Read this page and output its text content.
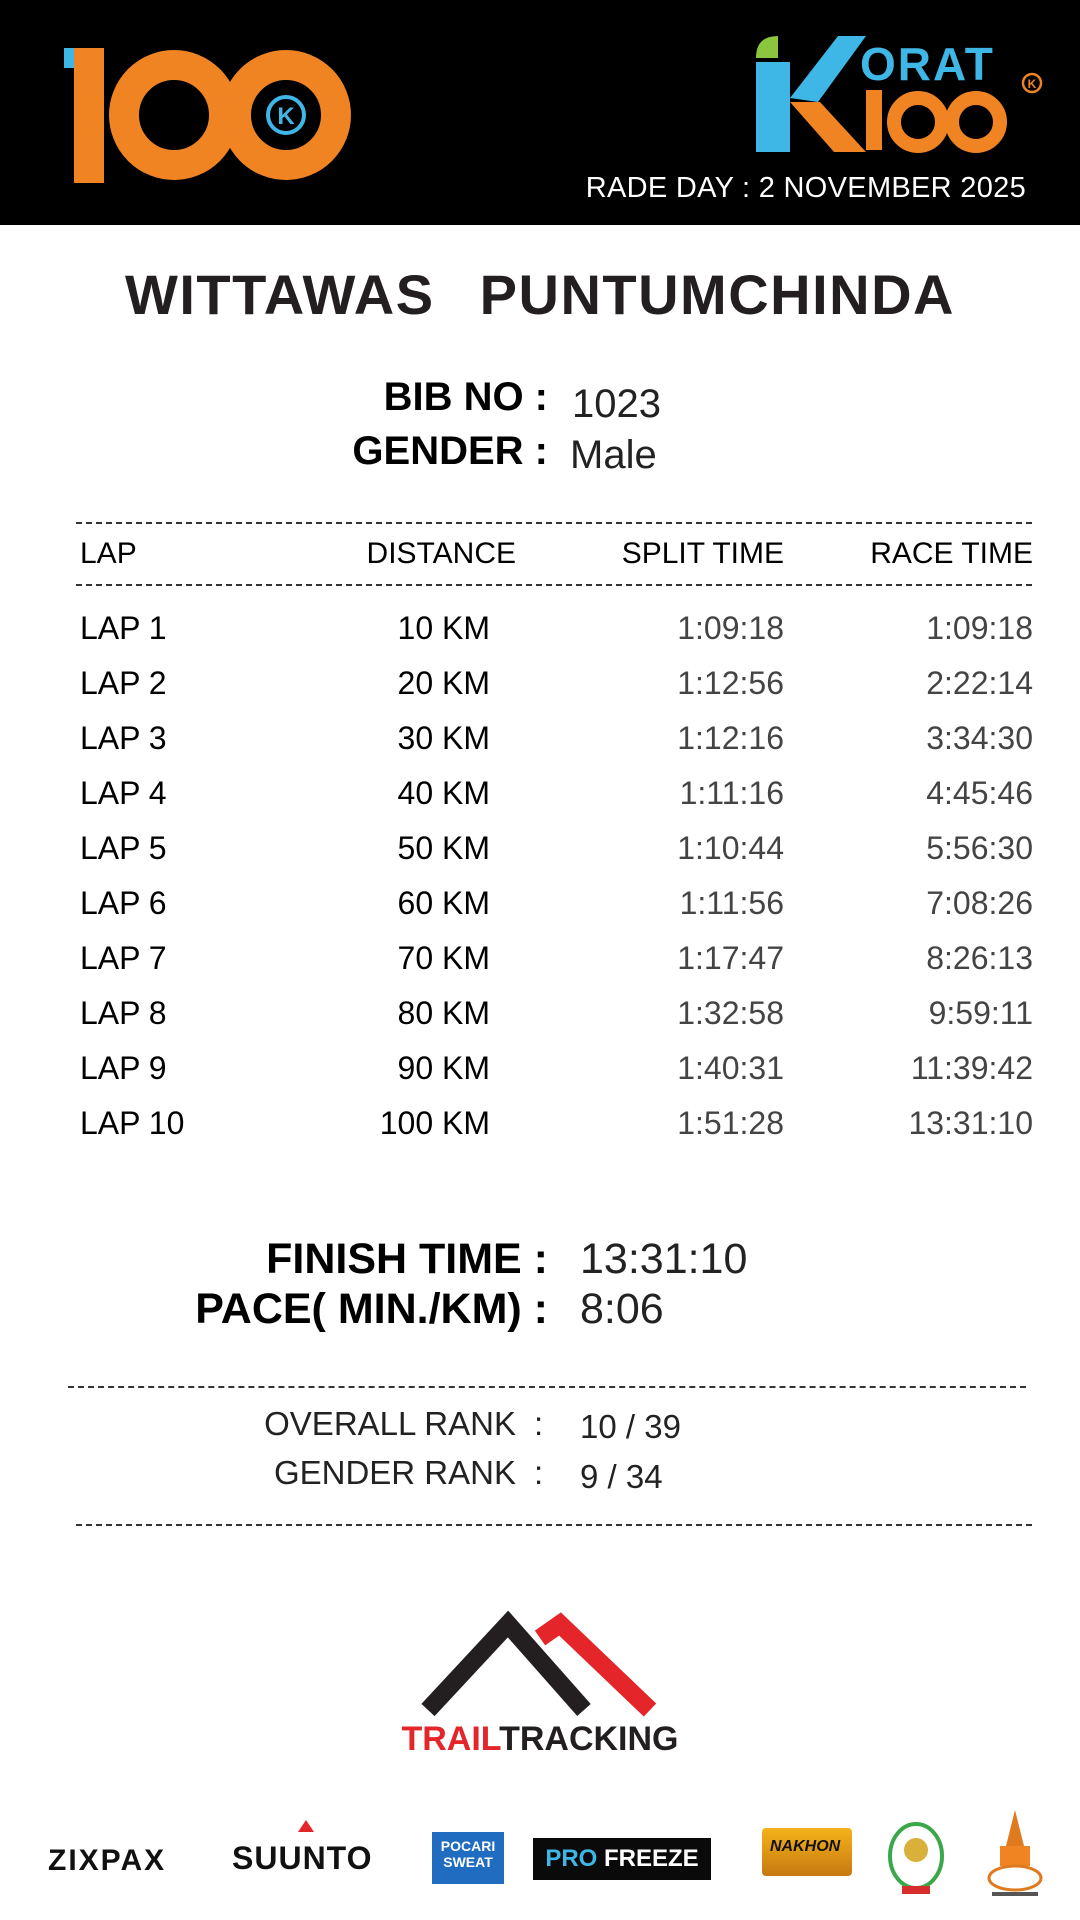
K
ORAT	K
RADE DAY : 2 NOVEMBER 2025
WITTAWAS PUNTUMCHINDA
BIB NO : 1023
GENDER : Male
LAP	DISTANCE	SPLIT TIME	RACE TIME
LAP 1	10 KM	1:09:18	1:09:18
LAP 2	20 KM	1:12:56	2:22:14
LAP 3	30 KM	1:12:16	3:34:30
LAP 4	40 KM	1:11:16	4:45:46
LAP 5	50 KM	1:10:44	5:56:30
LAP 6	60 KM	1:11:56	7:08:26
LAP 7	70 KM	1:17:47	8:26:13
LAP 8	80 KM	1:32:58	9:59:11
LAP 9	90 KM	1:40:31	11:39:42
LAP 10	100 KM	1:51:28	13:31:10
FINISH TIME : 13:31:10
PACE( MIN./KM) : 8:06
OVERALL RANK : 10 / 39
GENDER RANK : 9 / 34
TRAILTRACKING
ZIXPAX SUUNTO	POCARI
SWEAT	PRO FREEZE	NAKHON
